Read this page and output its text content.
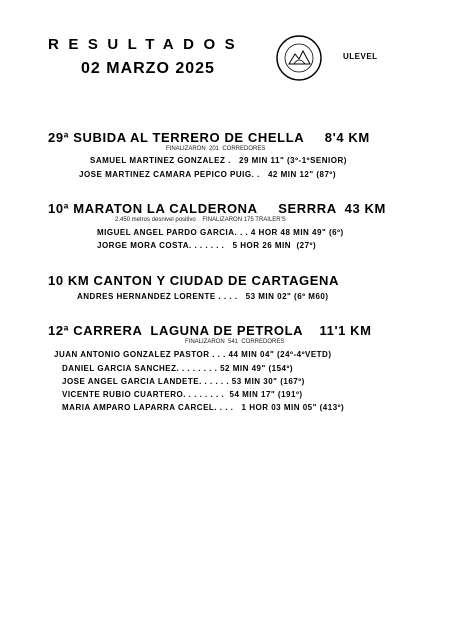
RESULTADOS
02 MARZO 2025
ULEVEL
29ª SUBIDA AL TERRERO DE CHELLA     8'4 KM
FINALIZARON  201  CORREDORES
SAMUEL MARTINEZ GONZALEZ .   29 MIN 11" (3º-1ºSENIOR)
JOSE MARTINEZ CAMARA PEPICO PUIG. .   42 MIN 12" (87º)
10ª MARATON LA CALDERONA     SERRRA  43 KM
2.450 metros desnivel positivo    FINALIZARON 175 TRAILER'S
MIGUEL ANGEL PARDO GARCIA. . . 4 HOR 48 MIN 49" (6º)
JORGE MORA COSTA. . . . . . .   5 HOR 26 MIN  (27º)
10 KM CANTON Y CIUDAD DE CARTAGENA
ANDRES HERNANDEZ LORENTE . . . .   53 MIN 02" (6º M60)
12ª CARRERA  LAGUNA DE PETROLA    11'1 KM
FINALIZARON  541  CORREDORES
JUAN ANTONIO GONZALEZ PASTOR . . . 44 MIN 04" (24º-4ºVETD)
DANIEL GARCIA SANCHEZ. . . . . . . . 52 MIN 49" (154º)
JOSE ANGEL GARCIA LANDETE. . . . . . 53 MIN 30" (167º)
VICENTE RUBIO CUARTERO. . . . . . . .  54 MIN 17" (191º)
MARIA AMPARO LAPARRA CARCEL. . . .   1 HOR 03 MIN 05" (413º)
